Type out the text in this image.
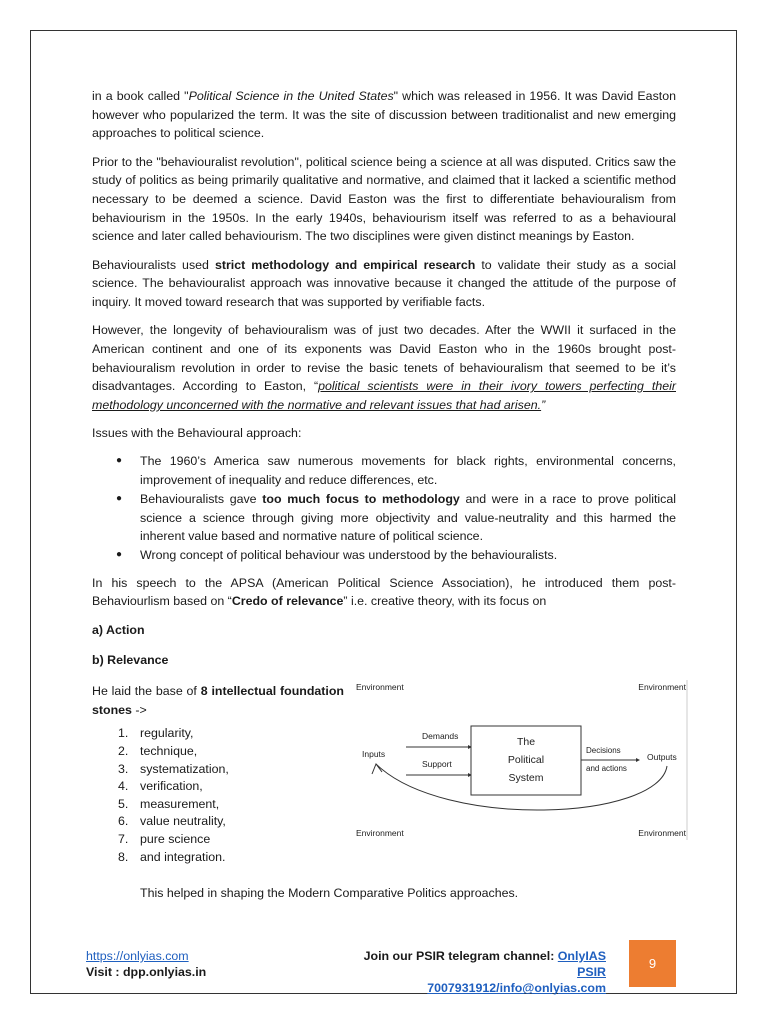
in a book called "Political Science in the United States" which was released in 1956. It was David Easton however who popularized the term. It was the site of discussion between traditionalist and new emerging approaches to political science.

Prior to the "behaviouralist revolution", political science being a science at all was disputed. Critics saw the study of politics as being primarily qualitative and normative, and claimed that it lacked a scientific method necessary to be deemed a science. David Easton was the first to differentiate behaviouralism from behaviourism in the 1950s. In the early 1940s, behaviourism itself was referred to as a behavioural science and later called behaviourism. The two disciplines were given distinct meanings by Easton.

Behaviouralists used strict methodology and empirical research to validate their study as a social science. The behaviouralist approach was innovative because it changed the attitude of the purpose of inquiry. It moved toward research that was supported by verifiable facts.

However, the longevity of behaviouralism was of just two decades. After the WWII it surfaced in the American continent and one of its exponents was David Easton who in the 1960s brought post-behaviouralism revolution in order to revise the basic tenets of behaviouralism that seemed to be it’s disadvantages. According to Easton, “political scientists were in their ivory towers perfecting their methodology unconcerned with the normative and relevant issues that had arisen.”

Issues with the Behavioural approach:

● The 1960’s America saw numerous movements for black rights, environmental concerns, improvement of inequality and reduce differences, etc.
● Behaviouralists gave too much focus to methodology and were in a race to prove political science a science through giving more objectivity and value-neutrality and this harmed the inherent value based and normative nature of political science.
● Wrong concept of political behaviour was understood by the behaviouralists.

In his speech to the APSA (American Political Science Association), he introduced them post-Behaviourlism based on “Credo of relevance” i.e. creative theory, with its focus on

a) Action

b) Relevance

He laid the base of 8 intellectual foundation stones ->
1. regularity,
2. technique,
3. systematization,
4. verification,
5. measurement,
6. value neutrality,
7. pure science
8. and integration.
Environment	Environment
Environment	Environment
Inputs
Demands
Support
The
Political
System
Decisions
and actions
Outputs
This helped in shaping the Modern Comparative Politics approaches.
https://onlyias.com
Visit : dpp.onlyias.in
Join our PSIR telegram channel: OnlyIAS PSIR
7007931912/info@onlyias.com
9
